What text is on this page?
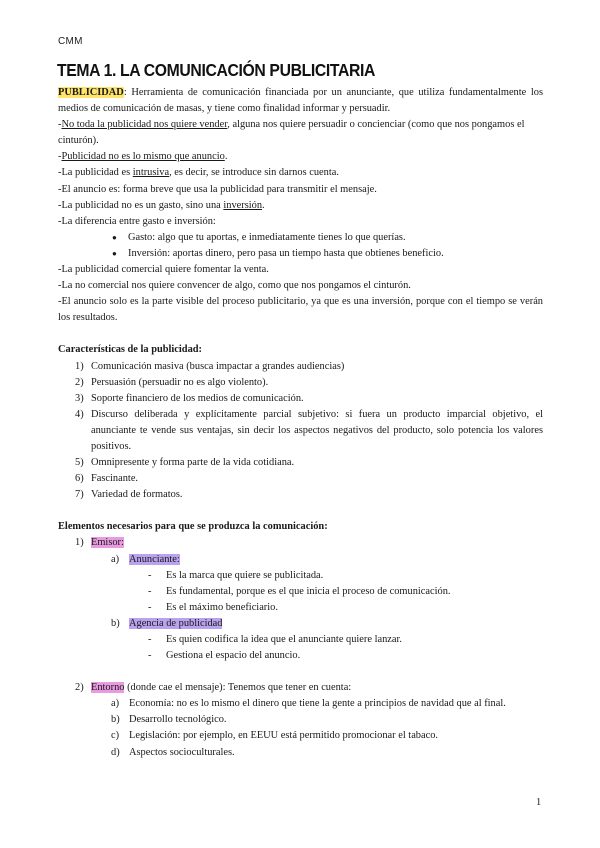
CMM
TEMA 1. LA COMUNICACIÓN PUBLICITARIA

PUBLICIDAD: Herramienta de comunicación financiada por un anunciante, que utiliza fundamentalmente los medios de comunicación de masas, y tiene como finalidad informar y persuadir.

-No toda la publicidad nos quiere vender, alguna nos quiere persuadir o concienciar (como que nos pongamos el cinturón).

-Publicidad no es lo mismo que anuncio.

-La publicidad es intrusiva, es decir, se introduce sin darnos cuenta.

-El anuncio es: forma breve que usa la publicidad para transmitir el mensaje.

-La publicidad no es un gasto, sino una inversión.

-La diferencia entre gasto e inversión:

● Gasto: algo que tu aportas, e inmediatamente tienes lo que querías.
● Inversión: aportas dinero, pero pasa un tiempo hasta que obtienes beneficio.

-La publicidad comercial quiere fomentar la venta.

-La no comercial nos quiere convencer de algo, como que nos pongamos el cinturón.

-El anuncio solo es la parte visible del proceso publicitario, ya que es una inversión, porque con el tiempo se verán los resultados.

Características de la publicidad:

1) Comunicación masiva (busca impactar a grandes audiencias)
2) Persuasión (persuadir no es algo violento).
3) Soporte financiero de los medios de comunicación.
4) Discurso deliberada y explícitamente parcial subjetivo: si fuera un producto imparcial objetivo, el anunciante te vende sus ventajas, sin decir los aspectos negativos del producto, solo potencia los valores positivos.
5) Omnipresente y forma parte de la vida cotidiana.
6) Fascinante.
7) Variedad de formatos.

Elementos necesarios para que se produzca la comunicación:

1) Emisor:
a) Anunciante:
- Es la marca que quiere se publicitada.
- Es fundamental, porque es el que inicia el proceso de comunicación.
- Es el máximo beneficiario.
b) Agencia de publicidad
- Es quien codifica la idea que el anunciante quiere lanzar.
- Gestiona el espacio del anuncio.
2) Entorno (donde cae el mensaje): Tenemos que tener en cuenta:
a) Economía: no es lo mismo el dinero que tiene la gente a principios de navidad que al final.
b) Desarrollo tecnológico.
c) Legislación: por ejemplo, en EEUU está permitido promocionar el tabaco.
d) Aspectos socioculturales.
1
